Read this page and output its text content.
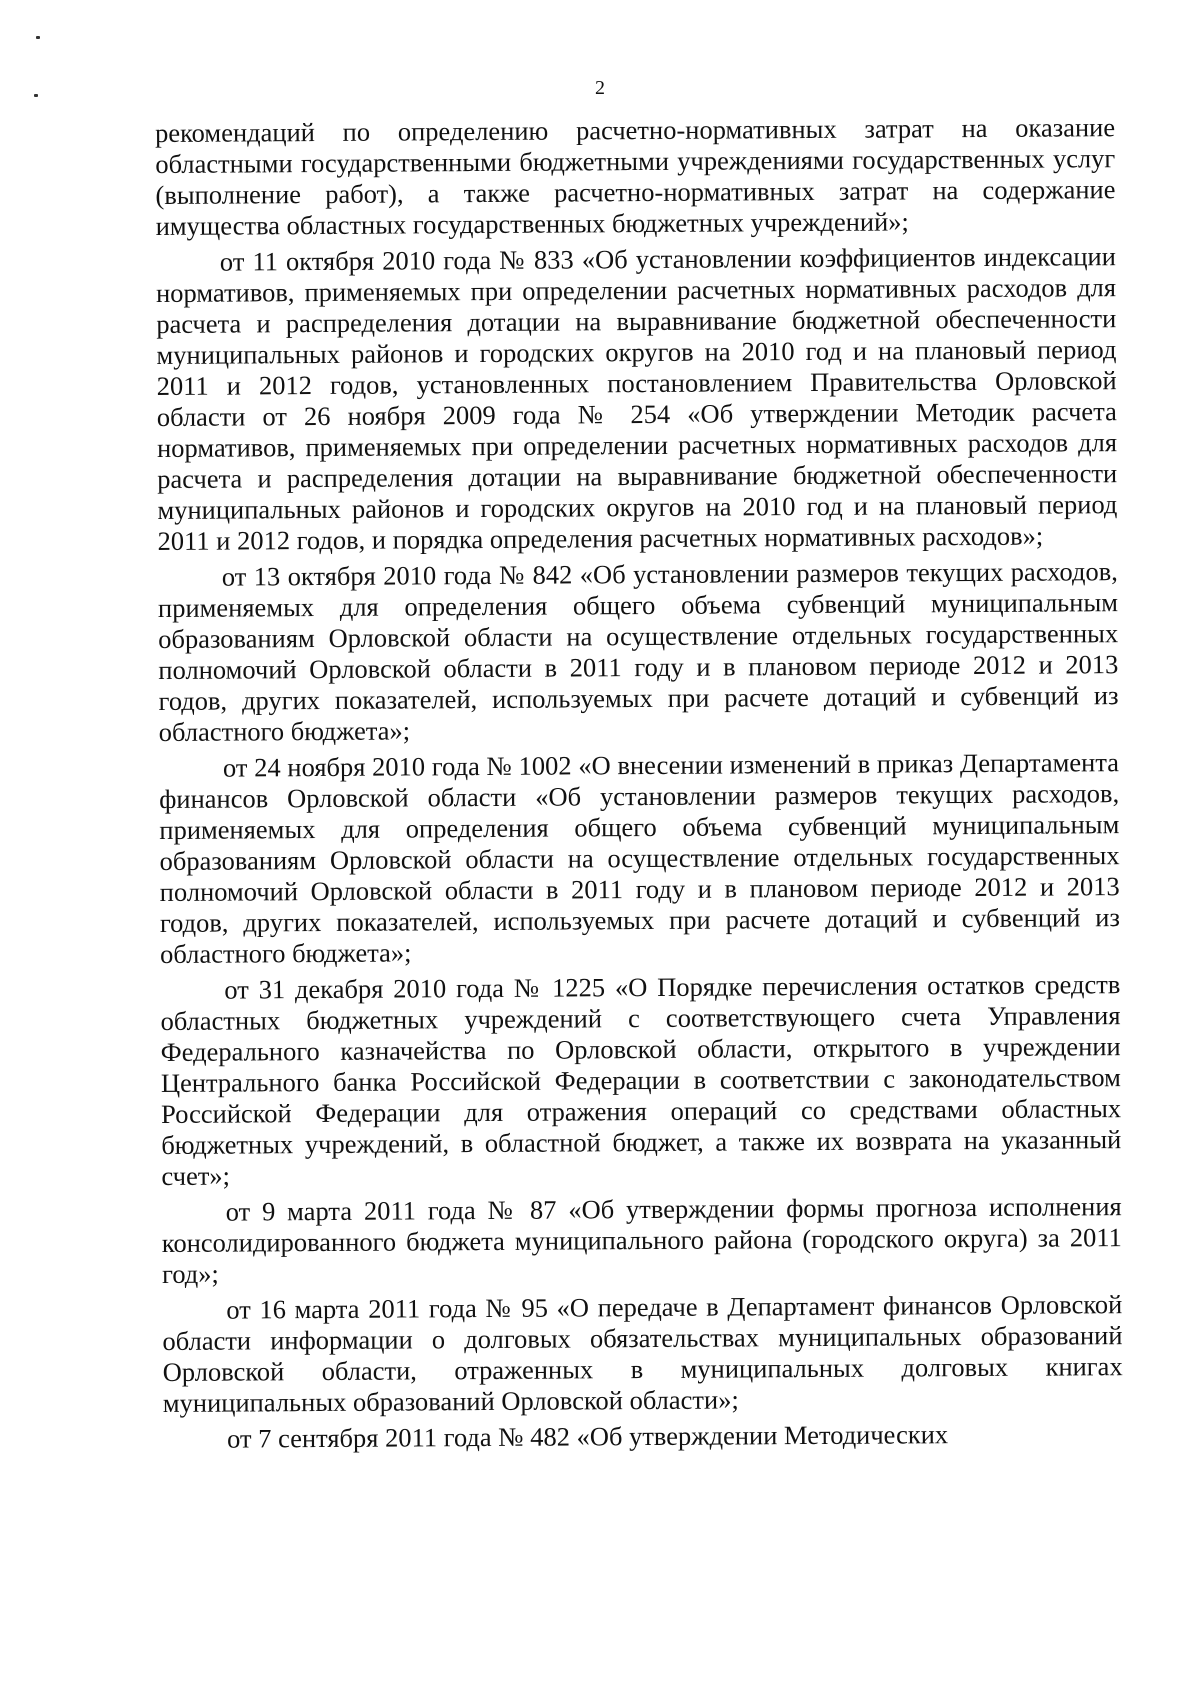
2

рекомендаций по определению расчетно-нормативных затрат на оказание областными государственными бюджетными учреждениями государственных услуг (выполнение работ), а также расчетно-нормативных затрат на содержание имущества областных государственных бюджетных учреждений»;

от 11 октября 2010 года № 833 «Об установлении коэффициентов индексации нормативов, применяемых при определении расчетных нормативных расходов для расчета и распределения дотации на выравнивание бюджетной обеспеченности муниципальных районов и городских округов на 2010 год и на плановый период 2011 и 2012 годов, установленных постановлением Правительства Орловской области от 26 ноября 2009 года № 254 «Об утверждении Методик расчета нормативов, применяемых при определении расчетных нормативных расходов для расчета и распределения дотации на выравнивание бюджетной обеспеченности муниципальных районов и городских округов на 2010 год и на плановый период 2011 и 2012 годов, и порядка определения расчетных нормативных расходов»;

от 13 октября 2010 года № 842 «Об установлении размеров текущих расходов, применяемых для определения общего объема субвенций муниципальным образованиям Орловской области на осуществление отдельных государственных полномочий Орловской области в 2011 году и в плановом периоде 2012 и 2013 годов, других показателей, используемых при расчете дотаций и субвенций из областного бюджета»;

от 24 ноября 2010 года № 1002 «О внесении изменений в приказ Департамента финансов Орловской области «Об установлении размеров текущих расходов, применяемых для определения общего объема субвенций муниципальным образованиям Орловской области на осуществление отдельных государственных полномочий Орловской области в 2011 году и в плановом периоде 2012 и 2013 годов, других показателей, используемых при расчете дотаций и субвенций из областного бюджета»;

от 31 декабря 2010 года № 1225 «О Порядке перечисления остатков средств областных бюджетных учреждений с соответствующего счета Управления Федерального казначейства по Орловской области, открытого в учреждении Центрального банка Российской Федерации в соответствии с законодательством Российской Федерации для отражения операций со средствами областных бюджетных учреждений, в областной бюджет, а также их возврата на указанный счет»;

от 9 марта 2011 года № 87 «Об утверждении формы прогноза исполнения консолидированного бюджета муниципального района (городского округа) за 2011 год»;

от 16 марта 2011 года № 95 «О передаче в Департамент финансов Орловской области информации о долговых обязательствах муниципальных образований Орловской области, отраженных в муниципальных долговых книгах муниципальных образований Орловской области»;

от 7 сентября 2011 года № 482 «Об утверждении Методических
